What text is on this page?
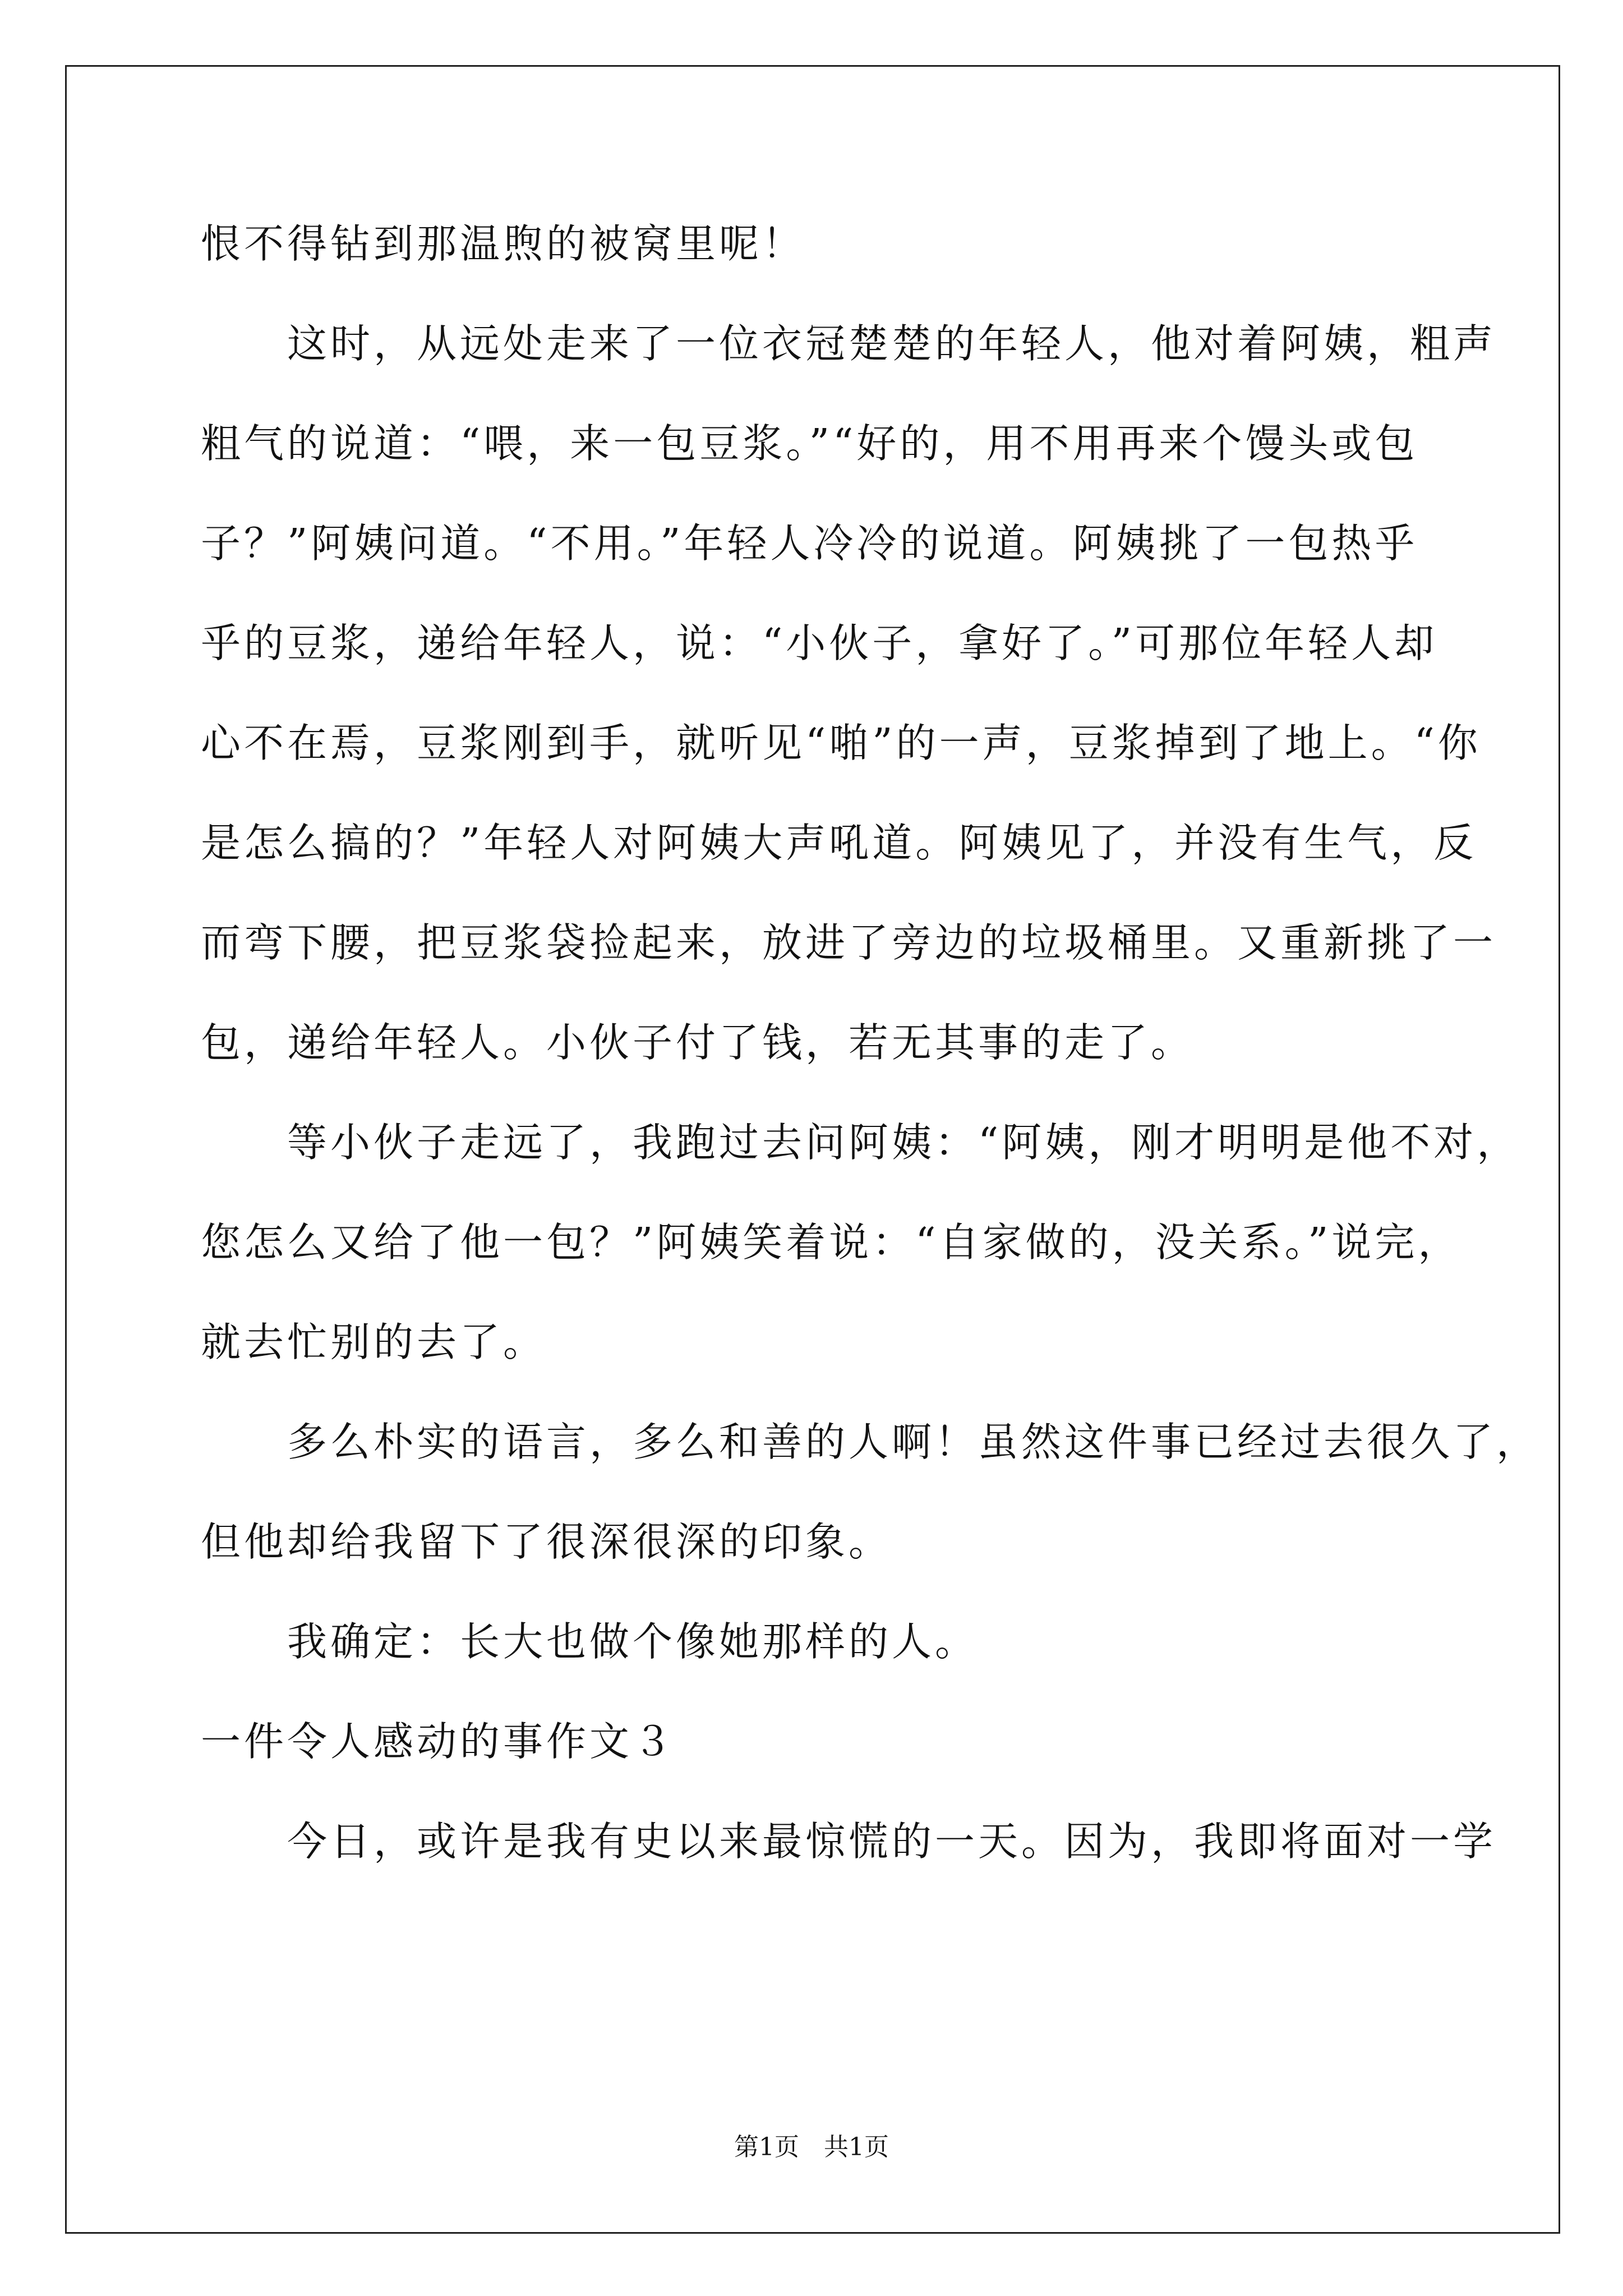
恨不得钻到那温煦的被窝里呢！
　　这时，从远处走来了一位衣冠楚楚的年轻人，他对着阿姨，粗声
粗气的说道：“喂，来一包豆浆。”“好的，用不用再来个馒头或包
子？”阿姨问道。“不用。”年轻人冷冷的说道。阿姨挑了一包热乎
乎的豆浆，递给年轻人，说：“小伙子，拿好了。”可那位年轻人却
心不在焉，豆浆刚到手，就听见“啪”的一声，豆浆掉到了地上。“你
是怎么搞的？”年轻人对阿姨大声吼道。阿姨见了，并没有生气，反
而弯下腰，把豆浆袋捡起来，放进了旁边的垃圾桶里。又重新挑了一
包，递给年轻人。小伙子付了钱，若无其事的走了。
　　等小伙子走远了，我跑过去问阿姨：“阿姨，刚才明明是他不对，
您怎么又给了他一包？”阿姨笑着说：“自家做的，没关系。”说完，
就去忙别的去了。
　　多么朴实的语言，多么和善的人啊！虽然这件事已经过去很久了，
但他却给我留下了很深很深的印象。
　　我确定：长大也做个像她那样的人。
一件令人感动的事作文３
　　今日，或许是我有史以来最惊慌的一天。因为，我即将面对一学
第1页　共1页
